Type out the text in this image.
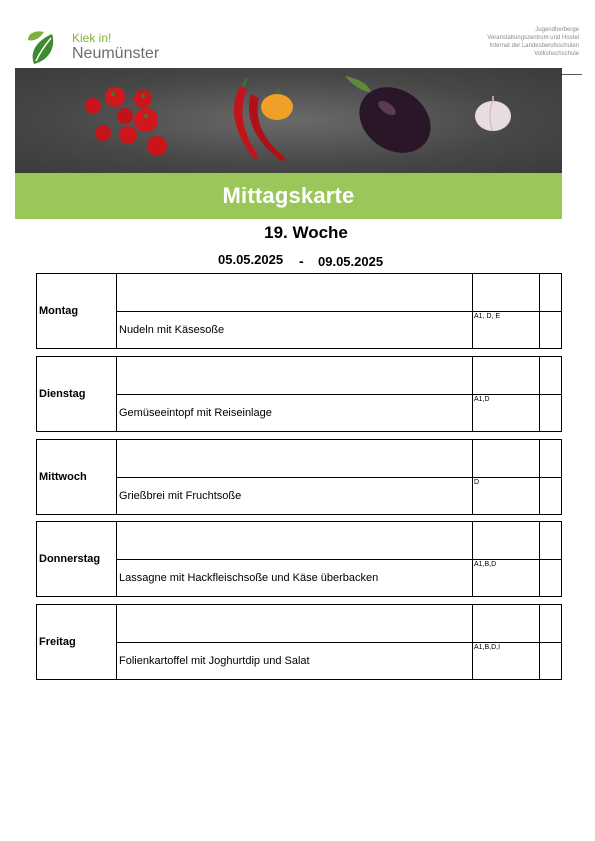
Kiek in!
Neumünster
Jugendherberge
Veranstaltungszentrum und Hostel
Internat der Landesberufsschulen
Volkshochschule
Mittagskarte
19. Woche
05.05.2025 - 09.05.2025
Montag
Nudeln mit Käsesoße
A1, D, E
Dienstag
Gemüseeintopf mit Reiseinlage
A1,D
Mittwoch
Grießbrei mit Fruchtsoße
D
Donnerstag
Lassagne mit Hackfleischsoße und Käse überbacken
A1,B,D
Freitag
Folienkartoffel mit Joghurtdip und Salat
A1,B,D,I
